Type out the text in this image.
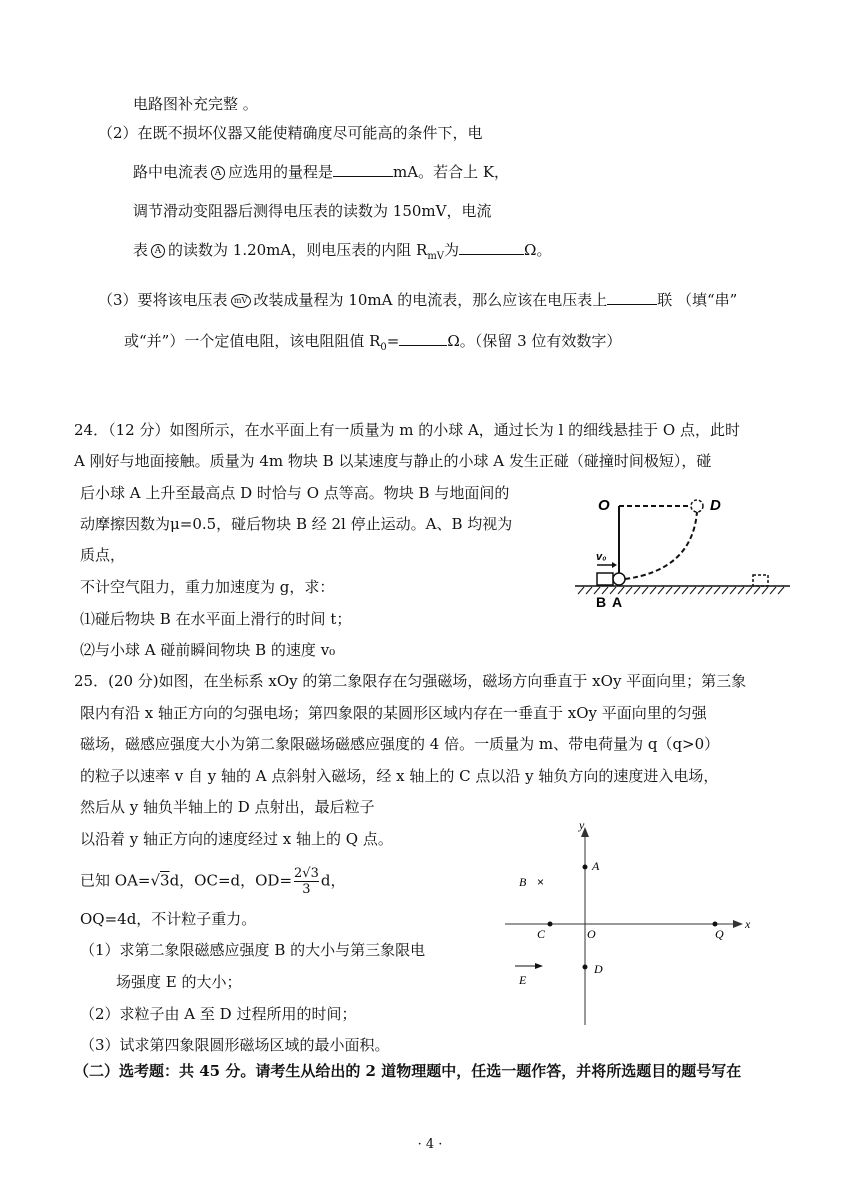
电路图补充完整 。
（2）在既不损坏仪器又能使精确度尽可能高的条件下，电
路中电流表 A 应选用的量程是	mA。若合上 K，
调节滑动变阻器后测得电压表的读数为 150mV，电流
表 A 的读数为 1.20mA，则电压表的内阻 $R_{mV}$为	Ω。
（3）要将该电压表 mV 改装成量程为 10mA 的电流表，那么应该在电压表上	联 （填“串”
或“并”）一个定值电阻，该电阻阻值 $R_0=$	Ω。（保留 3 位有效数字）
24．（12 分）如图所示，在水平面上有一质量为 m 的小球 A，通过长为 l 的细线悬挂于 O 点，此时
A 刚好与地面接触。质量为 4m 物块 B 以某速度与静止的小球 A 发生正碰（碰撞时间极短），碰
后小球 A 上升至最高点 D 时恰与 O 点等高。物块 B 与地面间的
动摩擦因数为μ=0.5，碰后物块 B 经 2l 停止运动。A、B 均视为
质点，
不计空气阻力，重力加速度为 g，求：
⑴碰后物块 B 在水平面上滑行的时间 t；
⑵与小球 A 碰前瞬间物块 B 的速度 v₀
O	D
v₀
B A
25．(20 分)如图，在坐标系 xOy 的第二象限存在匀强磁场，磁场方向垂直于 xOy 平面向里；第三象
限内有沿 x 轴正方向的匀强电场；第四象限的某圆形区域内存在一垂直于 xOy 平面向里的匀强
磁场，磁感应强度大小为第二象限磁场磁感应强度的 4 倍。一质量为 m、带电荷量为 q（q>0）
的粒子以速率 v 自 y 轴的 A 点斜射入磁场，经 x 轴上的 C 点以沿 y 轴负方向的速度进入电场，
然后从 y 轴负半轴上的 D 点射出，最后粒子
以沿着 y 轴正方向的速度经过 x 轴上的 Q 点。
已知 OA=√3d，OC=d，$OD= \frac{2√3}{3}$ d，
OQ=4d，不计粒子重力。
（1）求第二象限磁感应强度 B 的大小与第三象限电
场强度 E 的大小；
（2）求粒子由 A 至 D 过程所用的时间；
（3）试求第四象限圆形磁场区域的最小面积。
（二）选考题：共 45 分。请考生从给出的 2 道物理题中，任选一题作答，并将所选题目的题号写在
y
x
A
B ×
C	O	Q
D
E
· 4 ·
